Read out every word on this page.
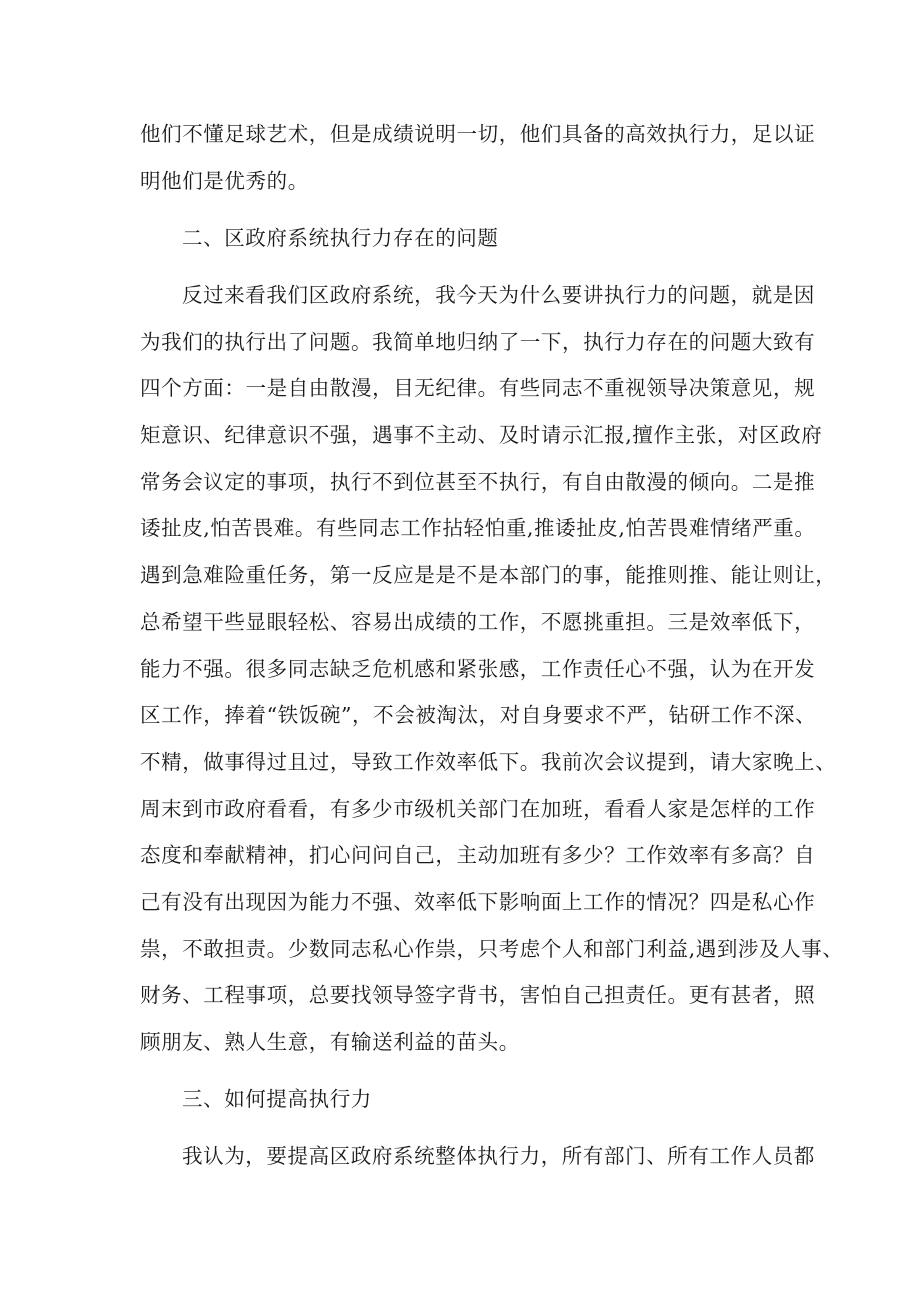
他们不懂足球艺术，但是成绩说明一切，他们具备的高效执行力，足以证
明他们是优秀的。
二、区政府系统执行力存在的问题
反过来看我们区政府系统，我今天为什么要讲执行力的问题，就是因
为我们的执行出了问题。我简单地归纳了一下，执行力存在的问题大致有
四个方面：一是自由散漫，目无纪律。有些同志不重视领导决策意见，规
矩意识、纪律意识不强，遇事不主动、及时请示汇报,擅作主张，对区政府
常务会议定的事项，执行不到位甚至不执行，有自由散漫的倾向。二是推
诿扯皮,怕苦畏难。有些同志工作拈轻怕重,推诿扯皮,怕苦畏难情绪严重。
遇到急难险重任务，第一反应是是不是本部门的事，能推则推、能让则让，
总希望干些显眼轻松、容易出成绩的工作，不愿挑重担。三是效率低下，
能力不强。很多同志缺乏危机感和紧张感，工作责任心不强，认为在开发
区工作，捧着“铁饭碗”，不会被淘汰，对自身要求不严，钻研工作不深、
不精，做事得过且过，导致工作效率低下。我前次会议提到，请大家晚上、
周末到市政府看看，有多少市级机关部门在加班，看看人家是怎样的工作
态度和奉献精神，扪心问问自己，主动加班有多少？工作效率有多高？自
己有没有出现因为能力不强、效率低下影响面上工作的情况？四是私心作
祟，不敢担责。少数同志私心作祟，只考虑个人和部门利益,遇到涉及人事、
财务、工程事项，总要找领导签字背书，害怕自己担责任。更有甚者，照
顾朋友、熟人生意，有输送利益的苗头。
三、如何提高执行力
我认为，要提高区政府系统整体执行力，所有部门、所有工作人员都
